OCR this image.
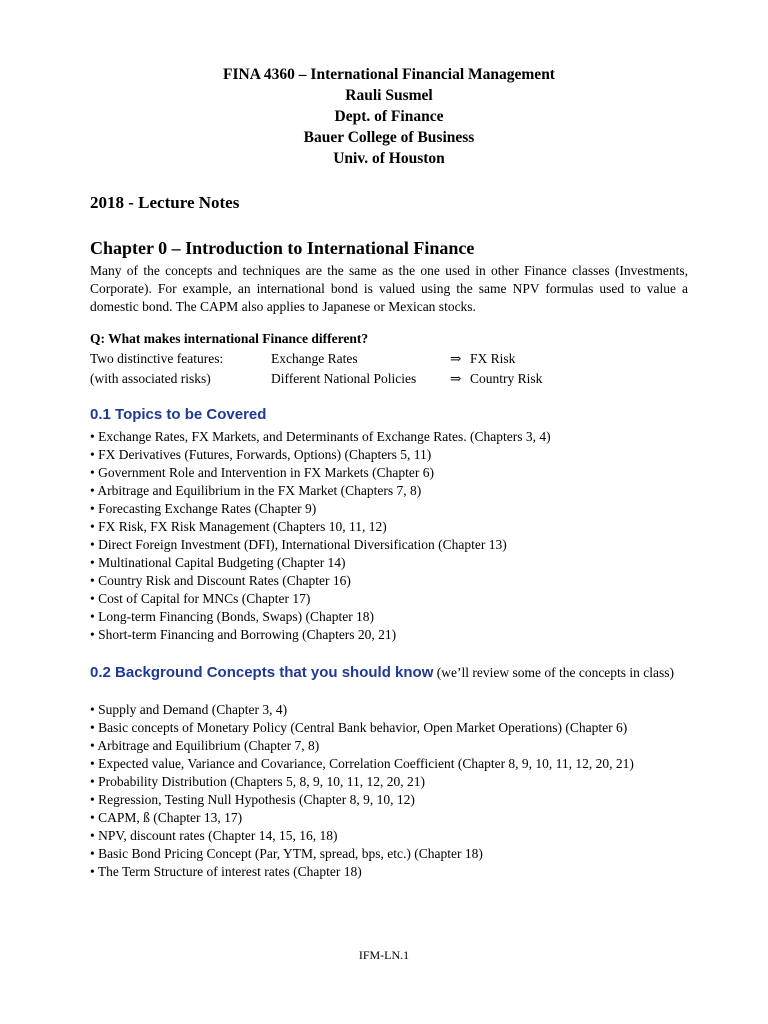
FINA 4360 – International Financial Management
Rauli Susmel
Dept. of Finance
Bauer College of Business
Univ. of Houston
2018 - Lecture Notes
Chapter 0 – Introduction to International Finance
Many of the concepts and techniques are the same as the one used in other Finance classes (Investments, Corporate). For example, an international bond is valued using the same NPV formulas used to value a domestic bond. The CAPM also applies to Japanese or Mexican stocks.
Q: What makes international Finance different?
Two distinctive features:	Exchange Rates	⇒ FX Risk
(with associated risks)	Different National Policies	⇒ Country Risk
0.1 Topics to be Covered
• Exchange Rates, FX Markets, and Determinants of Exchange Rates. (Chapters 3, 4)
• FX Derivatives (Futures, Forwards, Options) (Chapters 5, 11)
• Government Role and Intervention in FX Markets (Chapter 6)
• Arbitrage and Equilibrium in the FX Market (Chapters 7, 8)
• Forecasting Exchange Rates (Chapter 9)
• FX Risk, FX Risk Management (Chapters 10, 11, 12)
• Direct Foreign Investment (DFI), International Diversification (Chapter 13)
• Multinational Capital Budgeting (Chapter 14)
• Country Risk and Discount Rates (Chapter 16)
• Cost of Capital for MNCs (Chapter 17)
• Long-term Financing (Bonds, Swaps) (Chapter 18)
• Short-term Financing and Borrowing (Chapters 20, 21)
0.2 Background Concepts that you should know (we’ll review some of the concepts in class)
• Supply and Demand (Chapter 3, 4)
• Basic concepts of Monetary Policy (Central Bank behavior, Open Market Operations) (Chapter 6)
• Arbitrage and Equilibrium (Chapter 7, 8)
• Expected value, Variance and Covariance, Correlation Coefficient (Chapter 8, 9, 10, 11, 12, 20, 21)
• Probability Distribution (Chapters 5, 8, 9, 10, 11, 12, 20, 21)
• Regression, Testing Null Hypothesis (Chapter 8, 9, 10, 12)
• CAPM, ß (Chapter 13, 17)
• NPV, discount rates (Chapter 14, 15, 16, 18)
• Basic Bond Pricing Concept (Par, YTM, spread, bps, etc.) (Chapter 18)
• The Term Structure of interest rates (Chapter 18)
IFM-LN.1
